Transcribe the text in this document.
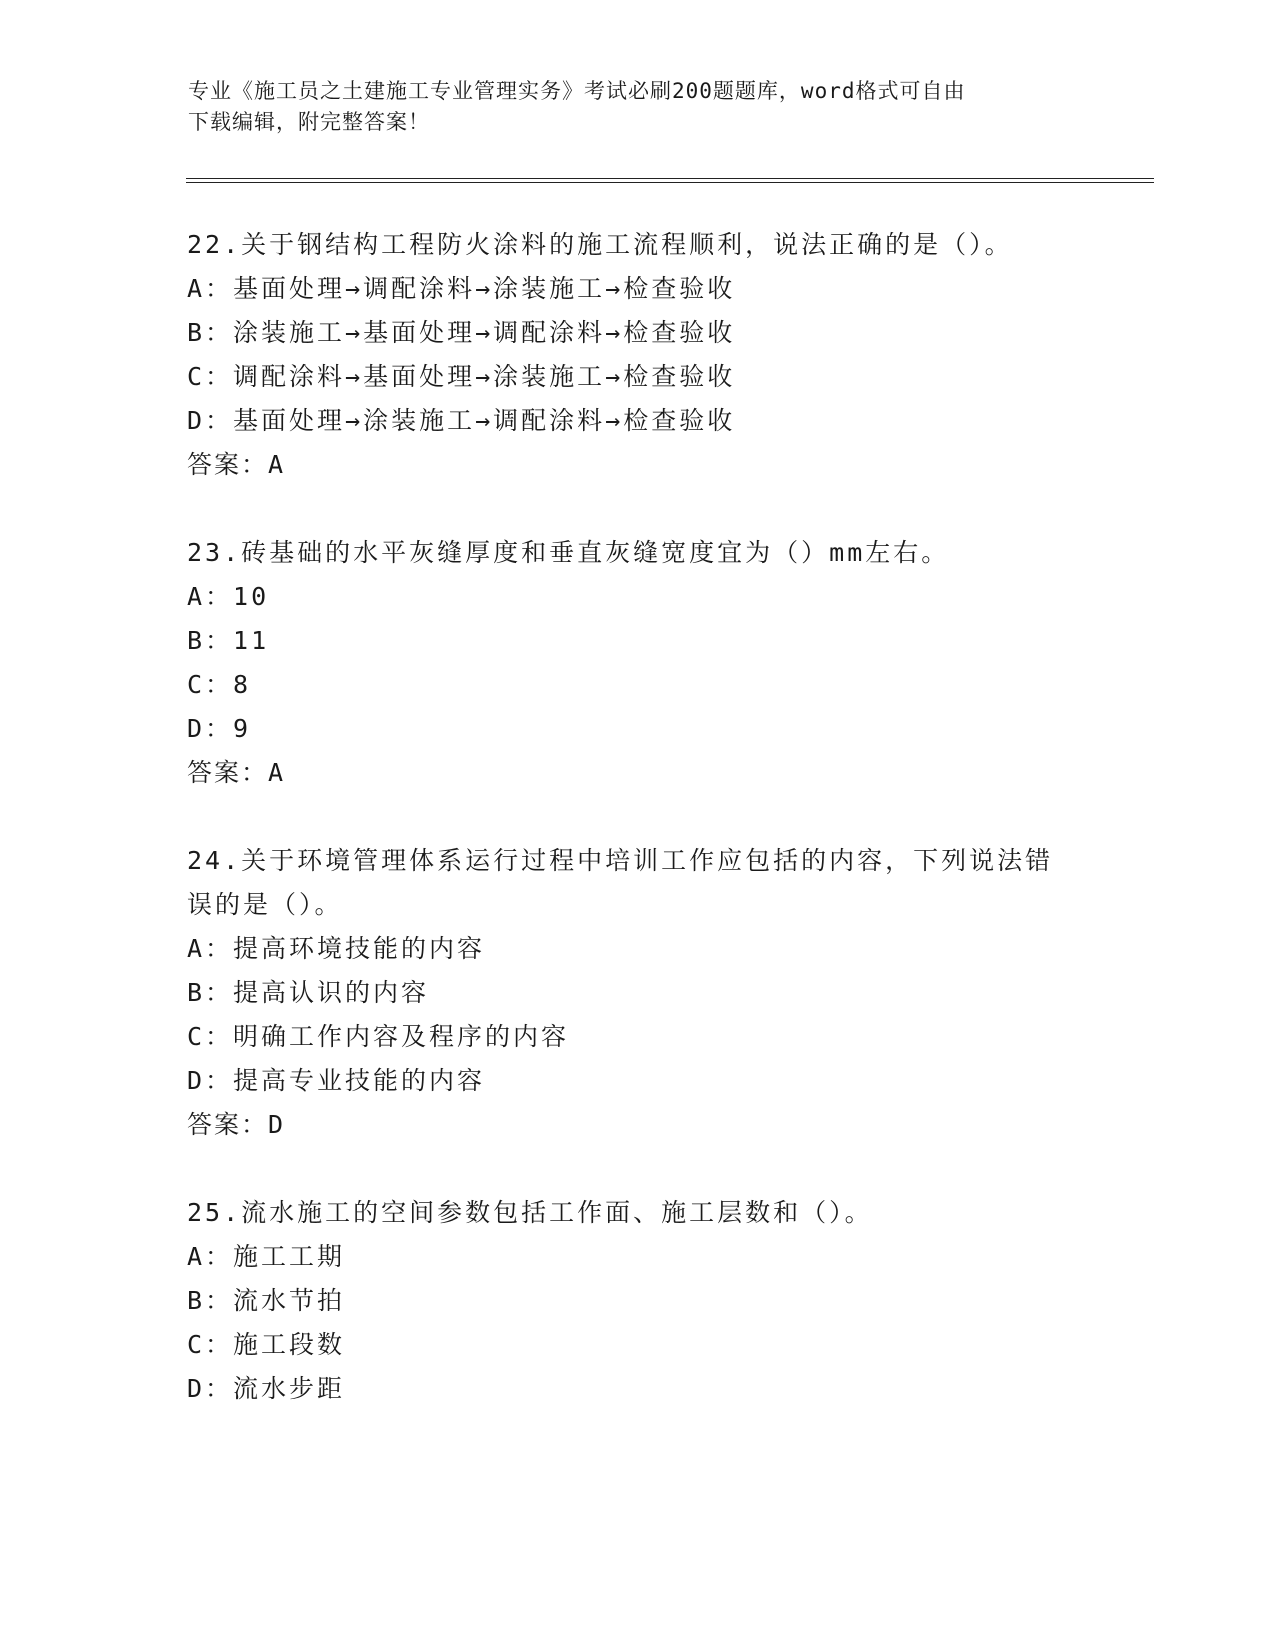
专业《施工员之土建施工专业管理实务》考试必刷200题题库，word格式可自由
下载编辑，附完整答案！
22.关于钢结构工程防火涂料的施工流程顺利，说法正确的是（）。
A：基面处理→调配涂料→涂装施工→检查验收
B：涂装施工→基面处理→调配涂料→检查验收
C：调配涂料→基面处理→涂装施工→检查验收
D：基面处理→涂装施工→调配涂料→检查验收
答案：A
23.砖基础的水平灰缝厚度和垂直灰缝宽度宜为（）mm左右。
A：10
B：11
C：8
D：9
答案：A
24.关于环境管理体系运行过程中培训工作应包括的内容，下列说法错
误的是（）。
A：提高环境技能的内容
B：提高认识的内容
C：明确工作内容及程序的内容
D：提高专业技能的内容
答案：D
25.流水施工的空间参数包括工作面、施工层数和（）。
A：施工工期
B：流水节拍
C：施工段数
D：流水步距
